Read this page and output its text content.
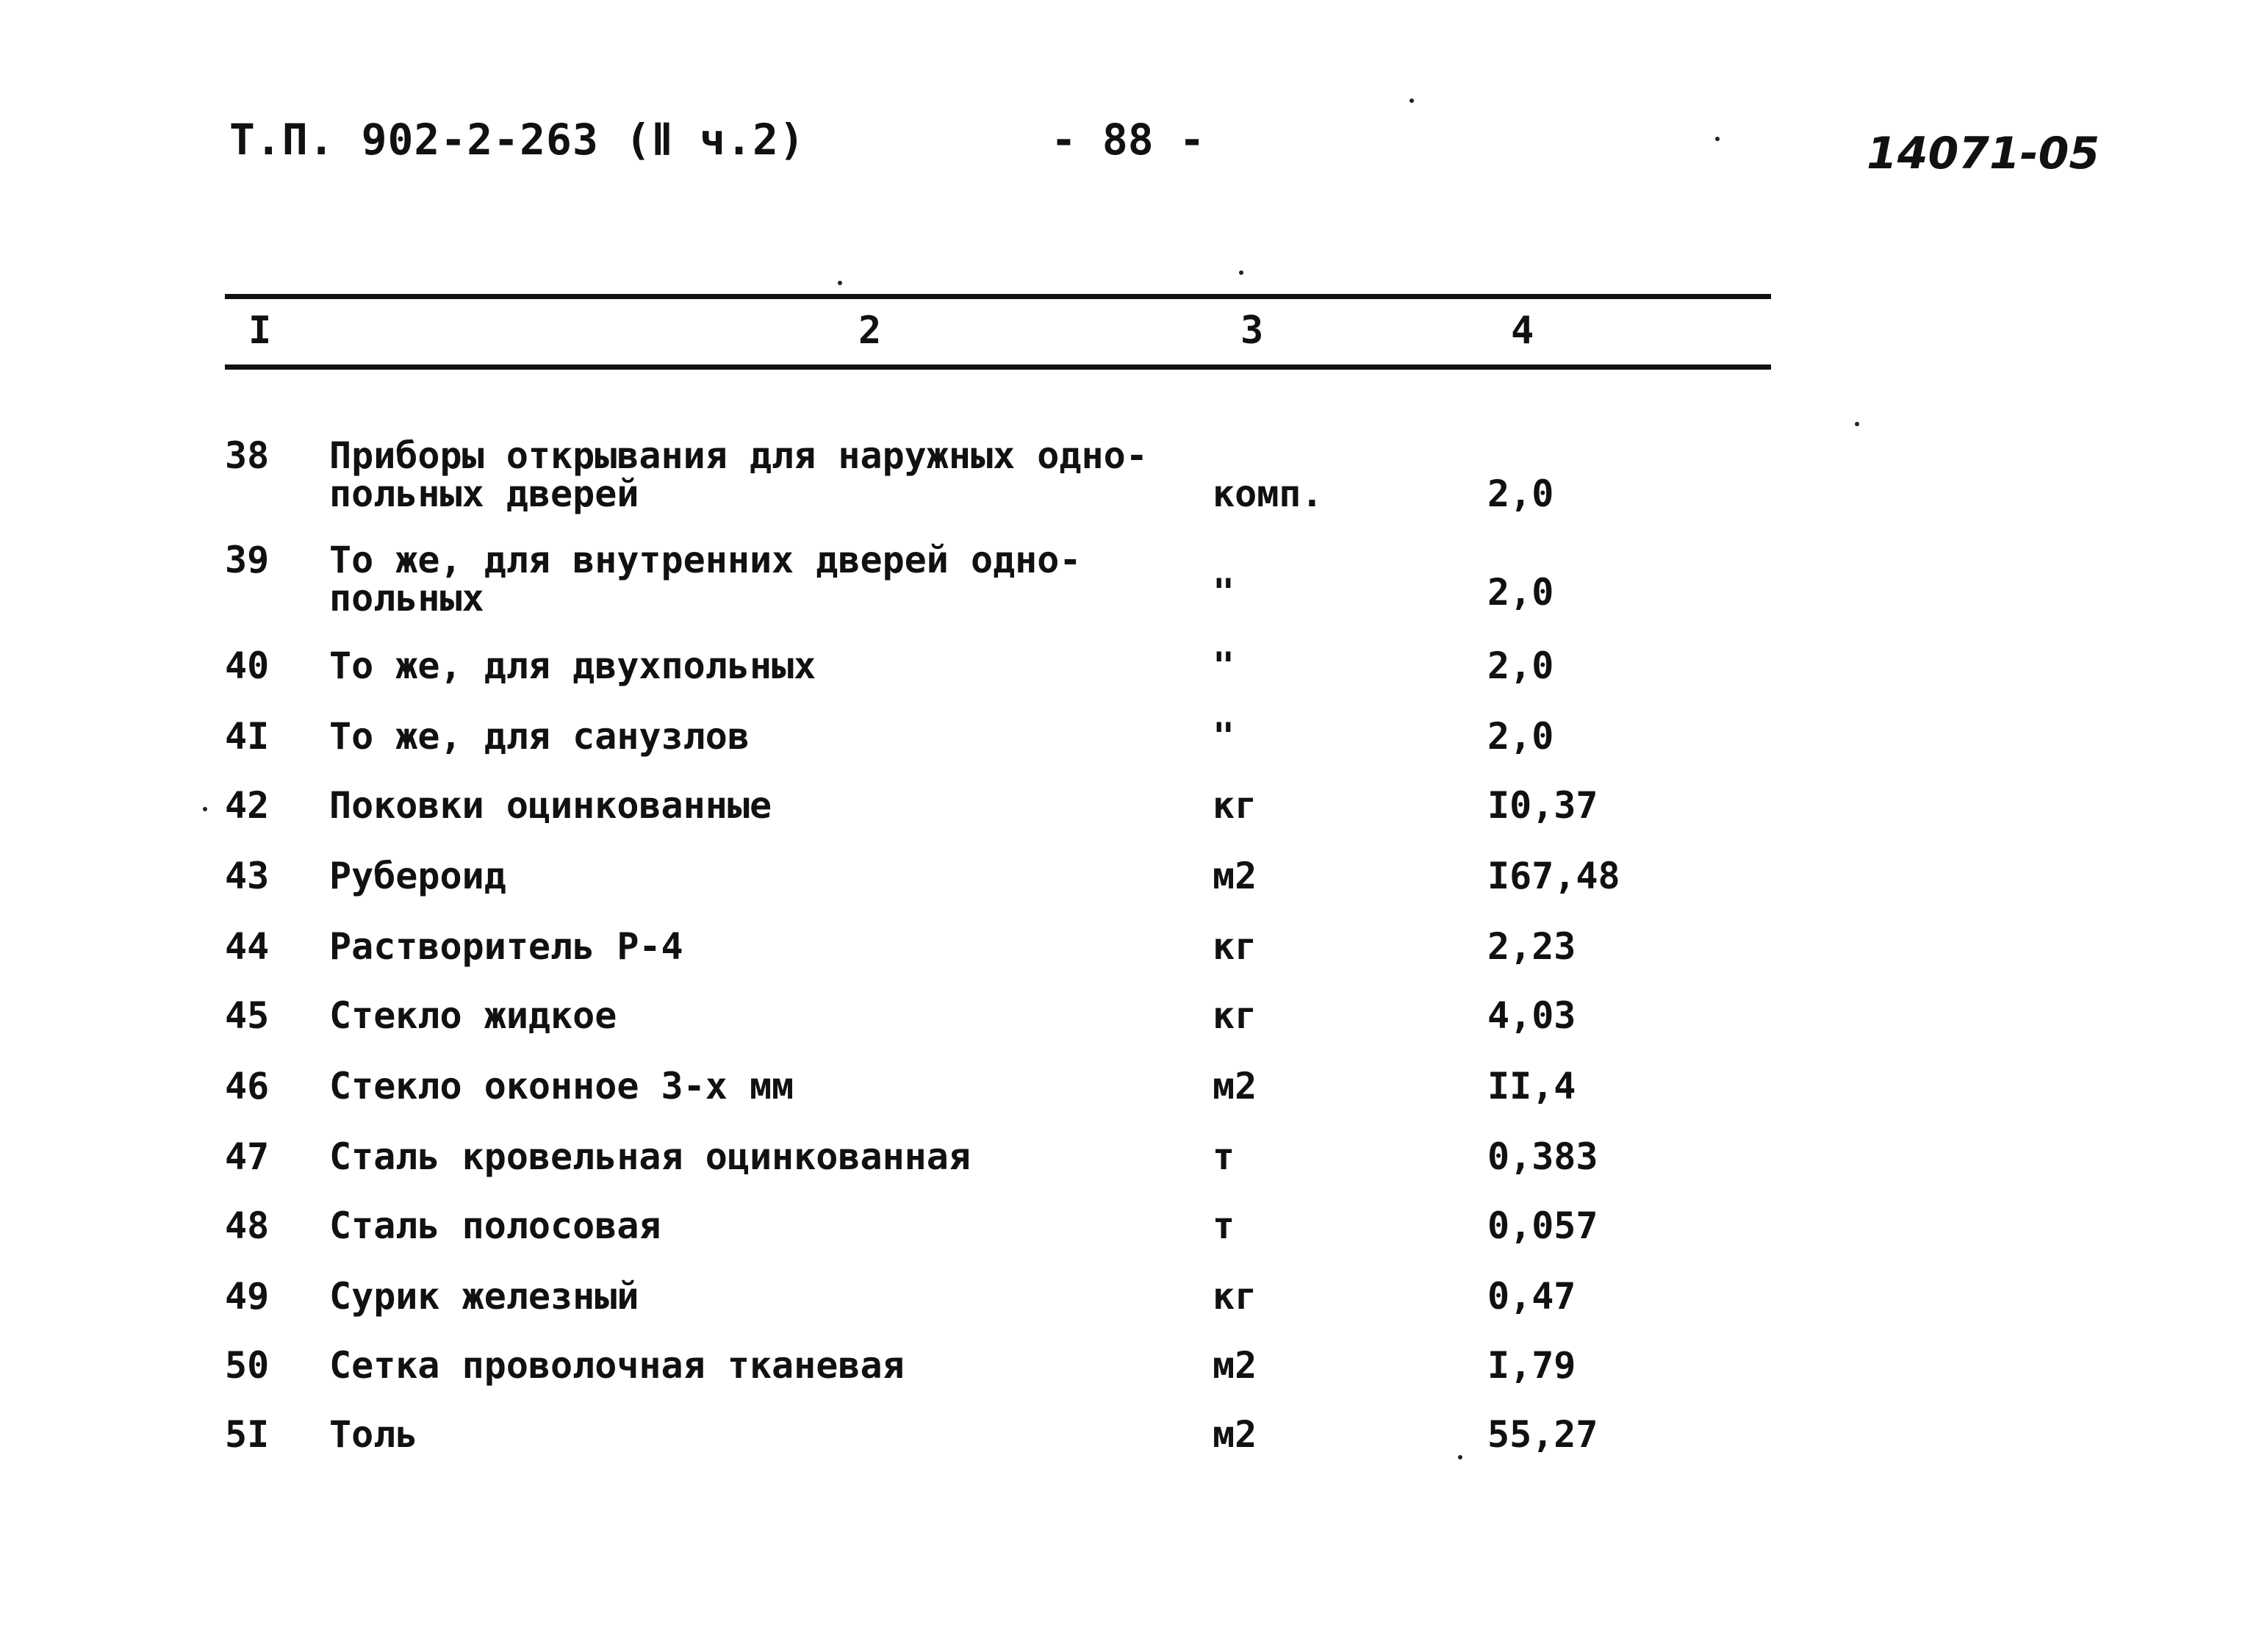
Т.П. 902-2-263 (Ⅱ ч.2)	- 88 -	14071-05
I	2	3	4
38 Приборы открывания для наружных одно-
польных дверей	комп.	2,0
39 То же, для внутренних дверей одно-
польных	"	2,0
40 То же, для двухпольных	"	2,0
4I То же, для санузлов	"	2,0
42 Поковки оцинкованные	кг	I0,37
43 Рубероид	м2	I67,48
44 Растворитель Р-4	кг	2,23
45 Стекло жидкое	кг	4,03
46 Стекло оконное 3-х мм	м2	II,4
47 Сталь кровельная оцинкованная	т	0,383
48 Сталь полосовая	т	0,057
49 Сурик железный	кг	0,47
50 Сетка проволочная тканевая	м2	I,79
5I Толь	м2	55,27
